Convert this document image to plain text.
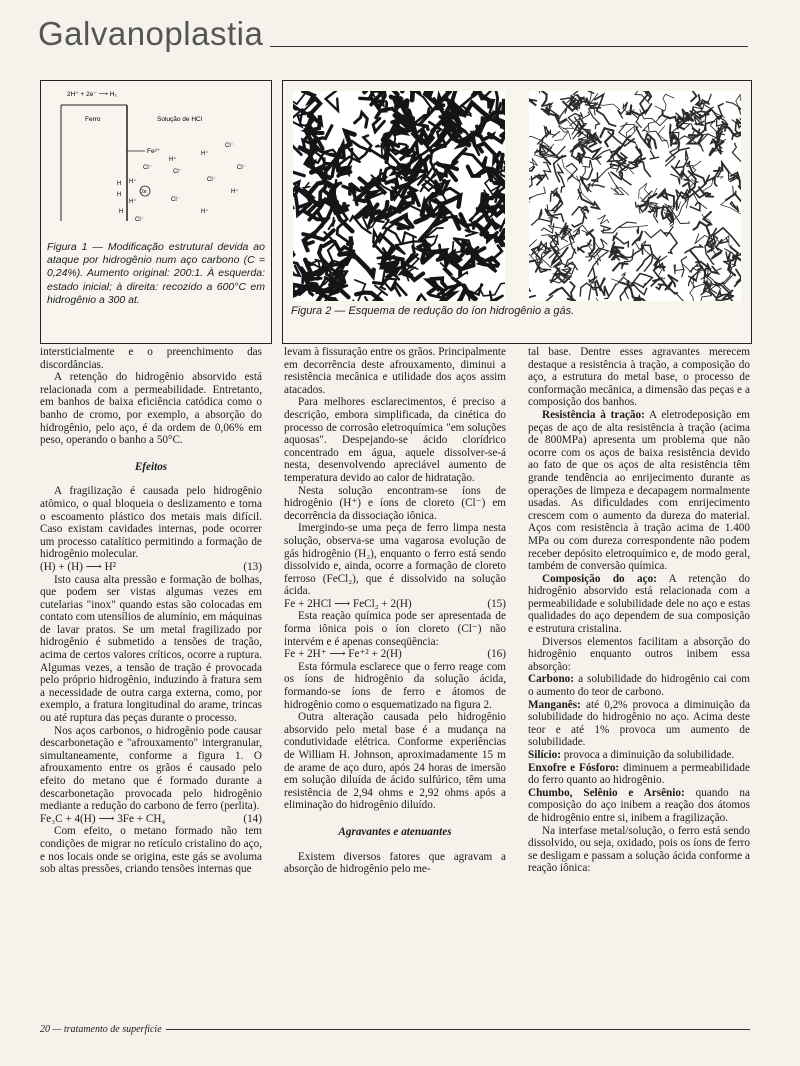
Galvanoplastia
2H⁺ + 2e⁻ ⟶ H₂
Ferro	Solução de HCl
Fe²⁺
H⁺
H⁺
Cl⁻
Cl⁻
Cl⁻
Cl⁻
Cl⁻
H
H
H⁺
2e
H⁺	Cl⁻
H⁺
H
Cl⁻
H⁺
Figura 1 — Modificação estrutural devida ao ataque por hidrogênio num aço carbono (C = 0,24%). Aumento original: 200:1. À esquerda: estado inicial; à direita: recozido a 600°C em hidrogênio a 300 at.
Figura 2 — Esquema de redução do íon hidrogênio a gás.

intersticialmente e o preenchimento das discordâncias.

A retenção do hidrogênio absorvido está relacionada com a permeabilidade. Entretanto, em banhos de baixa eficiência catódica como o banho de cromo, por exemplo, a absorção do hidrogênio, pelo aço, é da ordem de 0,06% em peso, operando o banho a 50°C.

Efeitos

A fragilização é causada pelo hidrogênio atômico, o qual bloqueia o deslizamento e torna o escoamento plástico dos metais mais difícil. Caso existam cavidades internas, pode ocorrer um processo catalítico permitindo a formação de hidrogênio molecular.

(H) + (H) ⟶ H²	(13)

Isto causa alta pressão e formação de bolhas, que podem ser vistas algumas vezes em cutelarias "inox" quando estas são colocadas em contato com utensílios de alumínio, em máquinas de lavar pratos. Se um metal fragilizado por hidrogênio é submetido a tensões de tração, acima de certos valores críticos, ocorre a ruptura. Algumas vezes, a tensão de tração é provocada pelo próprio hidrogênio, induzindo à fratura sem a necessidade de outra carga externa, como, por exemplo, a fratura longitudinal do arame, trincas ou até ruptura das peças durante o processo.

Nos aços carbonos, o hidrogênio pode causar descarbonetação e "afrouxamento" intergranular, simultaneamente, conforme a figura 1. O afrouxamento entre os grãos é causado pelo efeito do metano que é formado durante a descarbonetação provocada pelo hidrogênio mediante a redução do carbono de ferro (perlita).

Fe₃C + 4(H) ⟶ 3Fe + CH₄	(14)

Com efeito, o metano formado não tem condições de migrar no retículo cristalino do aço, e nos locais onde se origina, este gás se avoluma sob altas pressões, criando tensões internas que

levam à fissuração entre os grãos. Principalmente em decorrência deste afrouxamento, diminui a resistência mecânica e utilidade dos aços assim atacados.

Para melhores esclarecimentos, é preciso a descrição, embora simplificada, da cinética do processo de corrosão eletroquímica "em soluções aquosas". Despejando-se ácido clorídrico concentrado em água, aquele dissolver-se-á nesta, desenvolvendo apreciável aumento de temperatura devido ao calor de hidratação.

Nesta solução encontram-se íons de hidrogênio (H⁺) e íons de cloreto (Cl⁻) em decorrência da dissociação iônica.

Imergindo-se uma peça de ferro limpa nesta solução, observa-se uma vagarosa evolução de gás hidrogênio (H₂), enquanto o ferro está sendo dissolvido e, ainda, ocorre a formação de cloreto ferroso (FeCl₂), que é dissolvido na solução ácida.

Fe + 2HCl ⟶ FeCl₂ + 2(H)	(15)

Esta reação química pode ser apresentada de forma iônica pois o íon cloreto (Cl⁻) não intervém e é apenas conseqüência:

Fe + 2H⁺ ⟶ Fe⁺² + 2(H)	(16)

Esta fórmula esclarece que o ferro reage com os íons de hidrogênio da solução ácida, formando-se íons de ferro e átomos de hidrogênio como o esquematizado na figura 2.

Outra alteração causada pelo hidrogênio absorvido pelo metal base é a mudança na condutividade elétrica. Conforme experiências de William H. Johnson, aproximadamente 15 m de arame de aço duro, após 24 horas de imersão em solução diluída de ácido sulfúrico, têm uma resistência de 2,94 ohms e 2,92 ohms após a eliminação do hidrogênio diluído.

Agravantes e atenuantes

Existem diversos fatores que agravam a absorção de hidrogênio pelo me-

tal base. Dentre esses agravantes merecem destaque a resistência à tração, a composição do aço, a estrutura do metal base, o processo de conformação mecânica, a dimensão das peças e a composição dos banhos.

Resistência à tração: A eletrodeposição em peças de aço de alta resistência à tração (acima de 800MPa) apresenta um problema que não ocorre com os aços de baixa resistência devido ao fato de que os aços de alta resistência têm grande tendência ao enrijecimento durante as operações de limpeza e decapagem normalmente usadas. As dificuldades com enrijecimento crescem com o aumento da dureza do material. Aços com resistência à tração acima de 1.400 MPa ou com dureza correspondente não podem receber depósito eletroquímico e, de modo geral, também de conversão química.

Composição do aço: A retenção do hidrogênio absorvido está relacionada com a permeabilidade e solubilidade dele no aço e estas qualidades do aço dependem de sua composição e estrutura cristalina.

Diversos elementos facilitam a absorção do hidrogênio enquanto outros inibem essa absorção:

Carbono: a solubilidade do hidrogênio cai com o aumento do teor de carbono.

Manganês: até 0,2% provoca a diminuição da solubilidade do hidrogênio no aço. Acima deste teor e até 1% provoca um aumento de solubilidade.

Silício: provoca a diminuição da solubilidade.

Enxofre e Fósforo: diminuem a permeabilidade do ferro quanto ao hidrogênio.

Chumbo, Selênio e Arsênio: quando na composição do aço inibem a reação dos átomos de hidrogênio entre si, inibem a fragilização.

Na interfase metal/solução, o ferro está sendo dissolvido, ou seja, oxidado, pois os íons de ferro se desligam e passam a solução ácida conforme a reação iônica:

20 — tratamento de superfície
